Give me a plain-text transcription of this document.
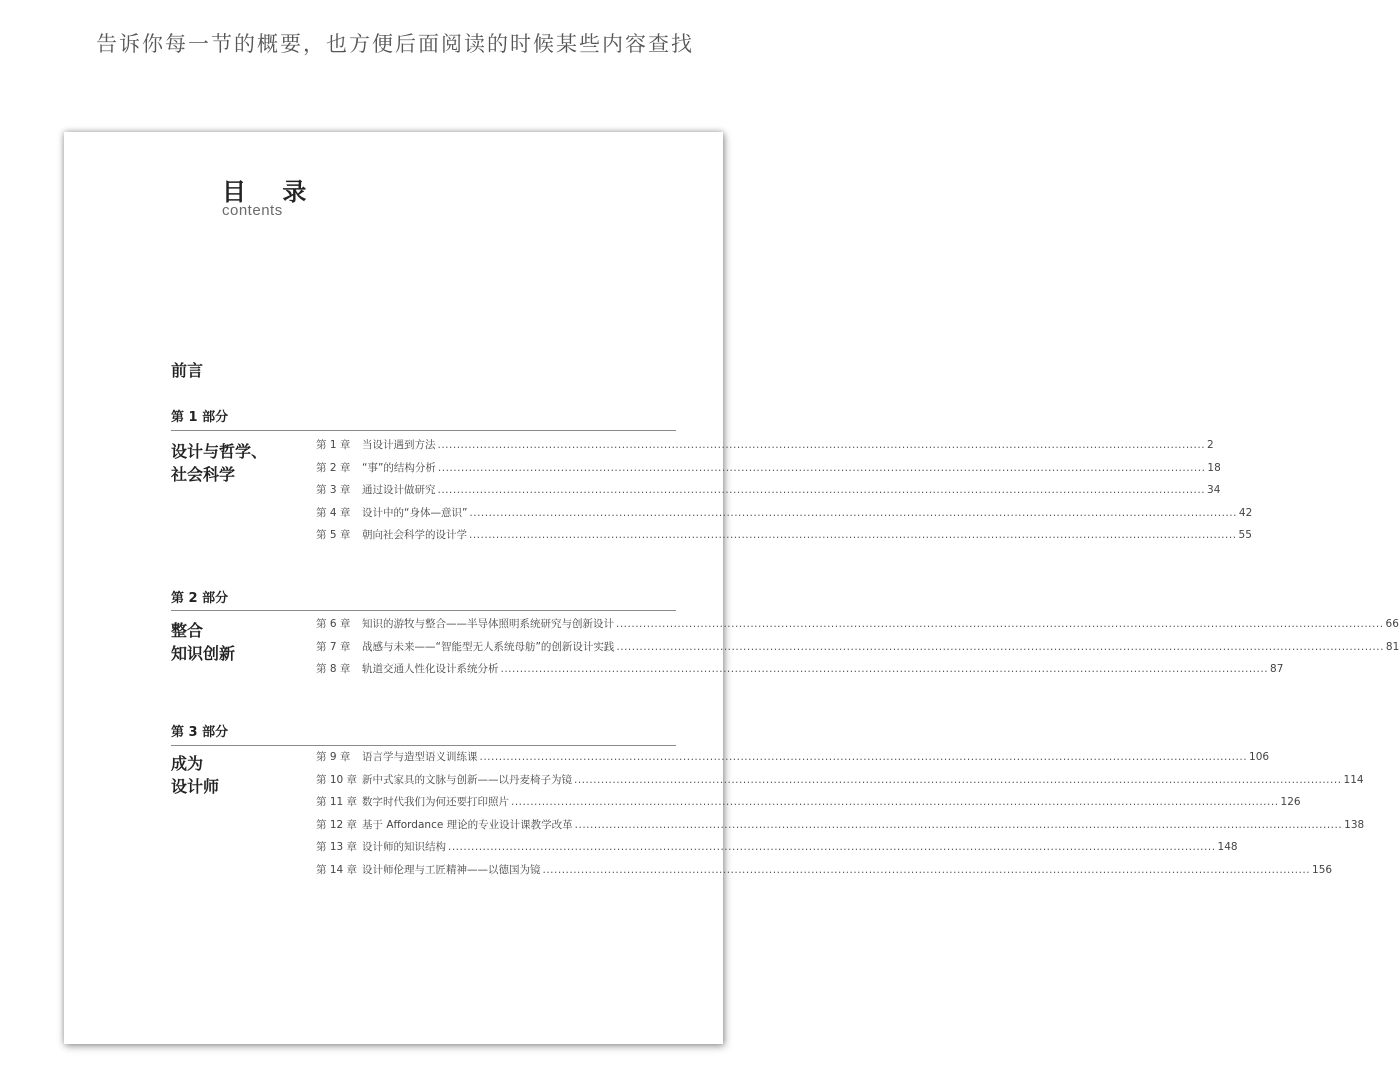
告诉你每一节的概要，也方便后面阅读的时候某些内容查找
目 录
contents
前言
第 1 部分
设计与哲学、
社会科学
第 1 章	当设计遇到方法 ........................................................................................................................................................................................................ 2
第 2 章	“事”的结构分析 ........................................................................................................................................................................................................ 18
第 3 章	通过设计做研究 ........................................................................................................................................................................................................ 34
第 4 章	设计中的“身体—意识” ........................................................................................................................................................................................................ 42
第 5 章	朝向社会科学的设计学 ........................................................................................................................................................................................................ 55
第 2 部分
整合
知识创新
第 6 章	知识的游牧与整合——半导体照明系统研究与创新设计 ........................................................................................................................................................................................................ 66
第 7 章	战感与未来——“智能型无人系统母舫”的创新设计实践 ........................................................................................................................................................................................................ 81
第 8 章	轨道交通人性化设计系统分析 ........................................................................................................................................................................................................ 87
第 3 部分
成为
设计师
第 9 章	语言学与造型语义训练课 ........................................................................................................................................................................................................ 106
第 10 章 新中式家具的文脉与创新——以丹麦椅子为镜 ........................................................................................................................................................................................................ 114
第 11 章 数字时代我们为何还要打印照片 ........................................................................................................................................................................................................ 126
第 12 章 基于 Affordance 理论的专业设计课教学改革 ........................................................................................................................................................................................................ 138
第 13 章 设计师的知识结构 ........................................................................................................................................................................................................ 148
第 14 章 设计师伦理与工匠精神——以德国为镜 ........................................................................................................................................................................................................ 156
